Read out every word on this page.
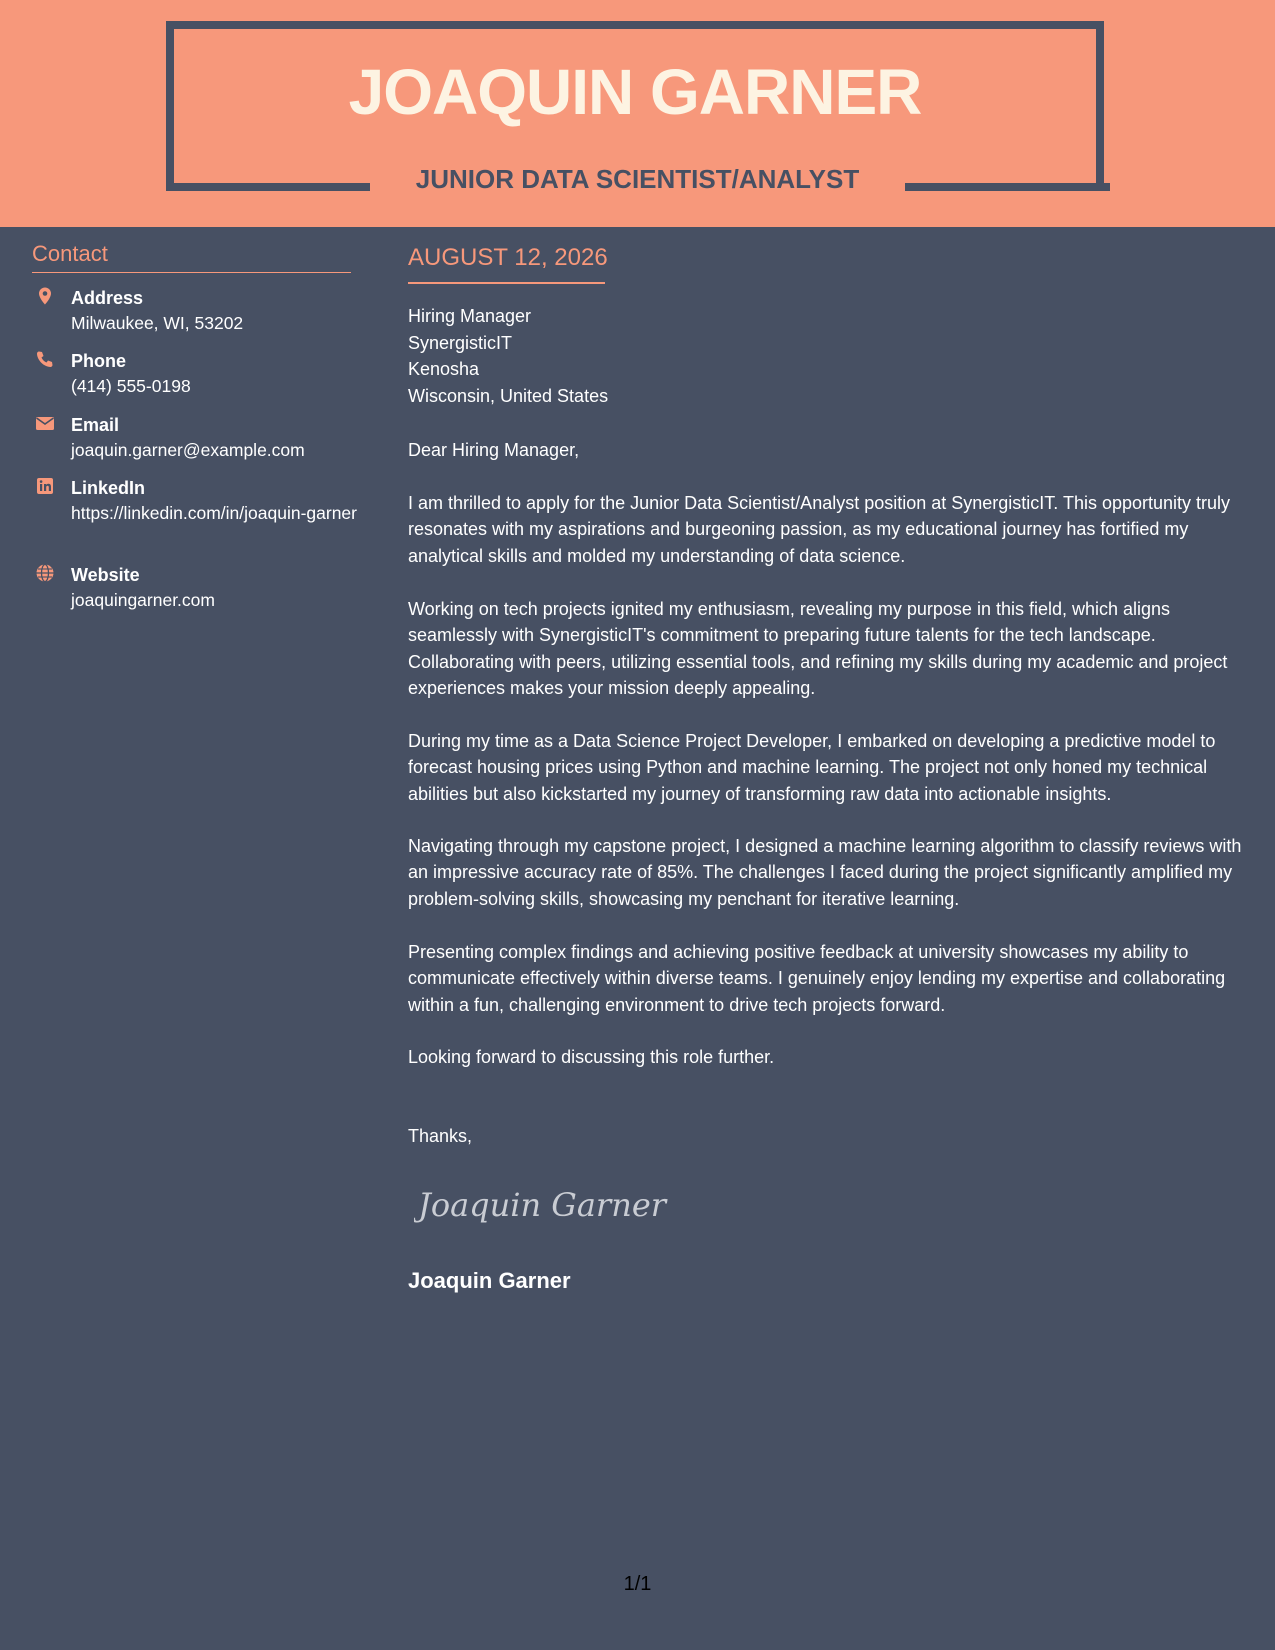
JOAQUIN GARNER
JUNIOR DATA SCIENTIST/ANALYST
Contact
Address
Milwaukee, WI, 53202
Phone
(414) 555-0198
Email
joaquin.garner@example.com
LinkedIn
https://linkedin.com/in/joaquin-garner
Website
joaquingarner.com
AUGUST 12, 2026
Hiring Manager
SynergisticIT
Kenosha
Wisconsin, United States
Dear Hiring Manager,
I am thrilled to apply for the Junior Data Scientist/Analyst position at SynergisticIT. This opportunity truly resonates with my aspirations and burgeoning passion, as my educational journey has fortified my analytical skills and molded my understanding of data science.
Working on tech projects ignited my enthusiasm, revealing my purpose in this field, which aligns seamlessly with SynergisticIT's commitment to preparing future talents for the tech landscape. Collaborating with peers, utilizing essential tools, and refining my skills during my academic and project experiences makes your mission deeply appealing.
During my time as a Data Science Project Developer, I embarked on developing a predictive model to forecast housing prices using Python and machine learning. The project not only honed my technical abilities but also kickstarted my journey of transforming raw data into actionable insights.
Navigating through my capstone project, I designed a machine learning algorithm to classify reviews with an impressive accuracy rate of 85%. The challenges I faced during the project significantly amplified my problem-solving skills, showcasing my penchant for iterative learning.
Presenting complex findings and achieving positive feedback at university showcases my ability to communicate effectively within diverse teams. I genuinely enjoy lending my expertise and collaborating within a fun, challenging environment to drive tech projects forward.
Looking forward to discussing this role further.
Thanks,
Joaquin Garner
Joaquin Garner
1/1
